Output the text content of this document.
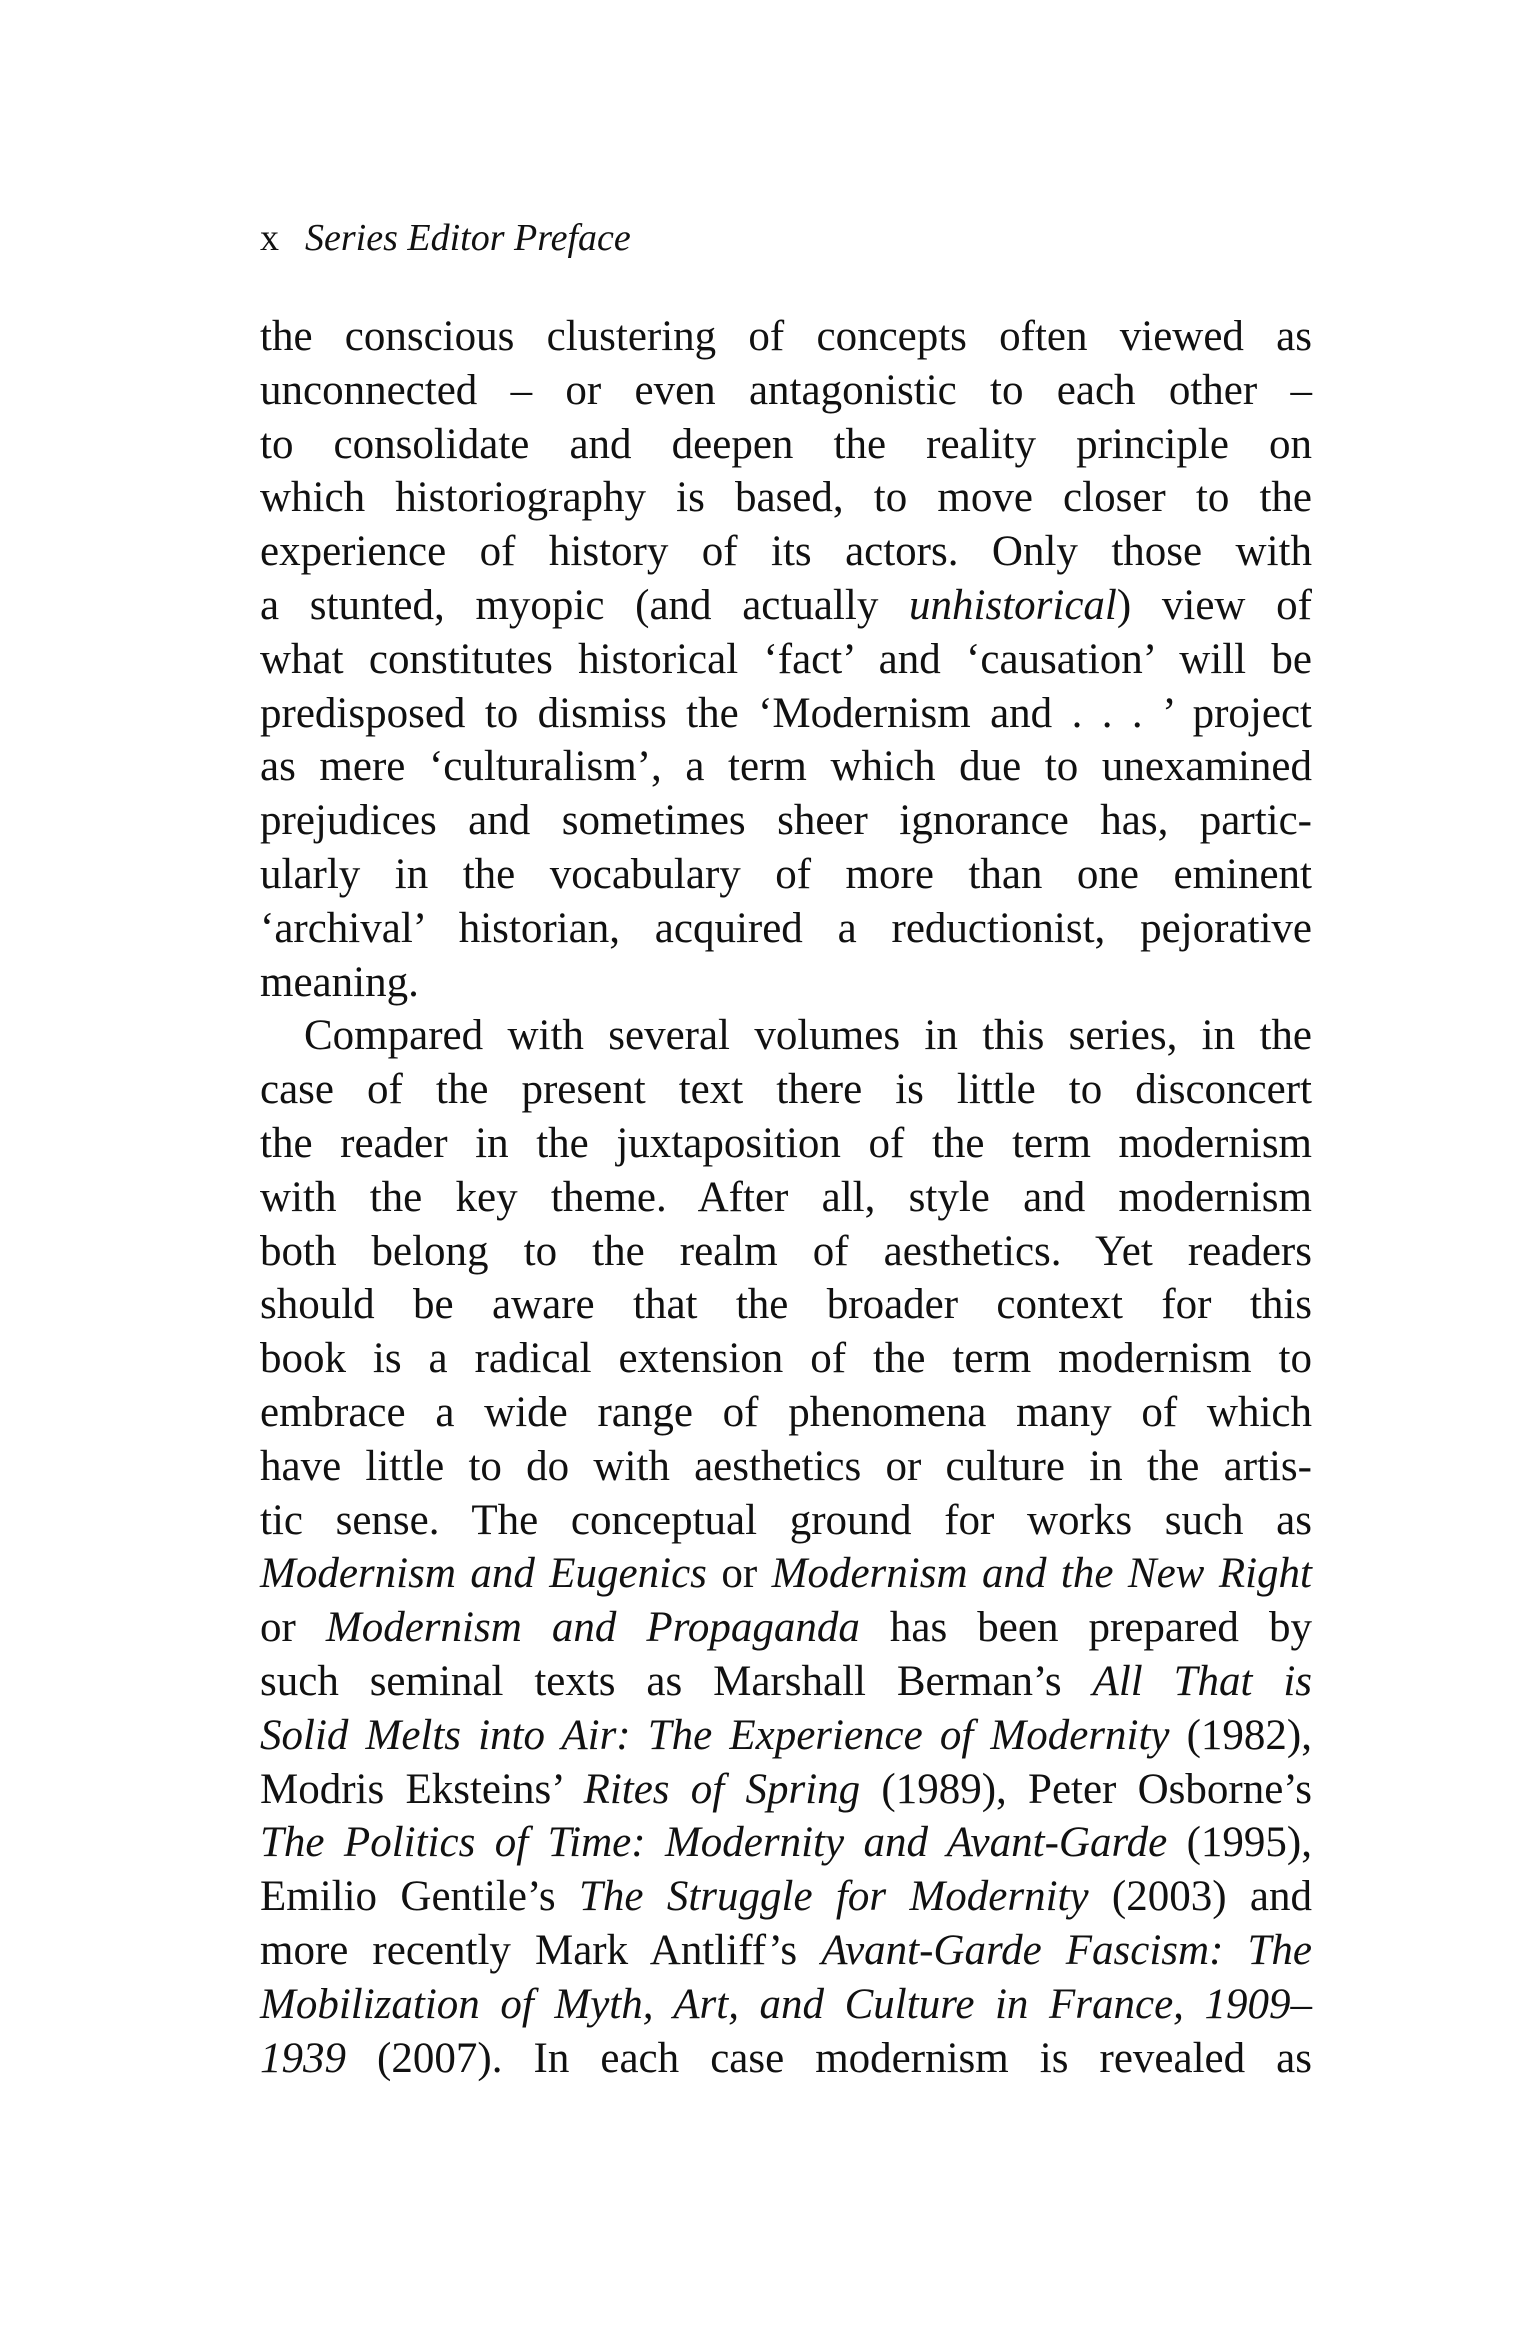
x Series Editor Preface
the conscious clustering of concepts often viewed as
unconnected – or even antagonistic to each other –
to consolidate and deepen the reality principle on
which historiography is based, to move closer to the
experience of history of its actors. Only those with
a stunted, myopic (and actually unhistorical) view of
what constitutes historical ‘fact’ and ‘causation’ will be
predisposed to dismiss the ‘Modernism and . . . ’ project
as mere ‘culturalism’, a term which due to unexamined
prejudices and sometimes sheer ignorance has, partic-
ularly in the vocabulary of more than one eminent
‘archival’ historian, acquired a reductionist, pejorative
meaning.
Compared with several volumes in this series, in the
case of the present text there is little to disconcert
the reader in the juxtaposition of the term modernism
with the key theme. After all, style and modernism
both belong to the realm of aesthetics. Yet readers
should be aware that the broader context for this
book is a radical extension of the term modernism to
embrace a wide range of phenomena many of which
have little to do with aesthetics or culture in the artis-
tic sense. The conceptual ground for works such as
Modernism and Eugenics or Modernism and the New Right
or Modernism and Propaganda has been prepared by
such seminal texts as Marshall Berman’s All That is
Solid Melts into Air: The Experience of Modernity (1982),
Modris Eksteins’ Rites of Spring (1989), Peter Osborne’s
The Politics of Time: Modernity and Avant-Garde (1995),
Emilio Gentile’s The Struggle for Modernity (2003) and
more recently Mark Antliff’s Avant-Garde Fascism: The
Mobilization of Myth, Art, and Culture in France, 1909–
1939 (2007). In each case modernism is revealed as
